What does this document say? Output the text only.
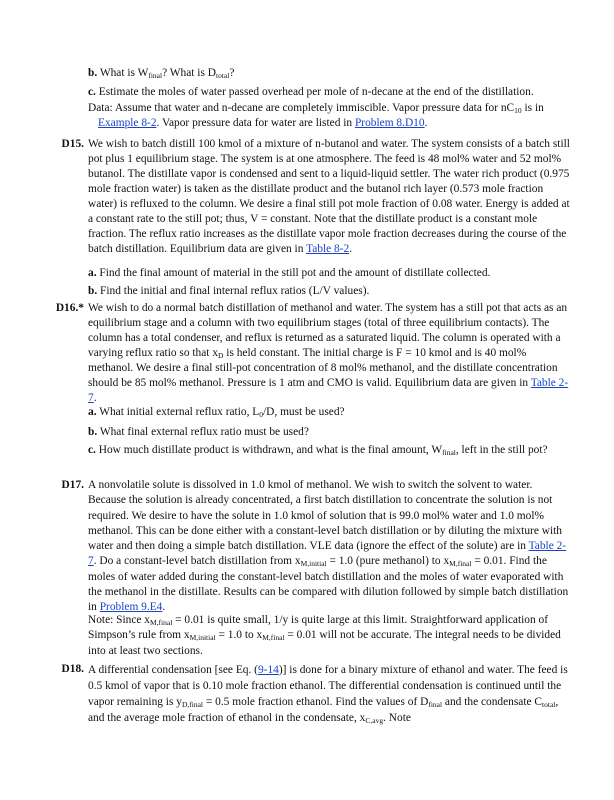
b. What is $W_{final}$? What is $D_{total}$?
c. Estimate the moles of water passed overhead per mole of n-decane at the end of the distillation.
Data: Assume that water and n-decane are completely immiscible. Vapor pressure data for $nC_{10}$ is in Example 8-2. Vapor pressure data for water are listed in Problem 8.D10.
D15. We wish to batch distill 100 kmol of a mixture of n-butanol and water. The system consists of a batch still pot plus 1 equilibrium stage. The system is at one atmosphere. The feed is 48 mol% water and 52 mol% butanol. The distillate vapor is condensed and sent to a liquid-liquid settler. The water rich product (0.975 mole fraction water) is taken as the distillate product and the butanol rich layer (0.573 mole fraction water) is refluxed to the column. We desire a final still pot mole fraction of 0.08 water. Energy is added at a constant rate to the still pot; thus, V = constant. Note that the distillate product is a constant mole fraction. The reflux ratio increases as the distillate vapor mole fraction decreases during the course of the batch distillation. Equilibrium data are given in Table 8-2.
a. Find the final amount of material in the still pot and the amount of distillate collected.
b. Find the initial and final internal reflux ratios (L/V values).
D16.* We wish to do a normal batch distillation of methanol and water. The system has a still pot that acts as an equilibrium stage and a column with two equilibrium stages (total of three equilibrium contacts). The column has a total condenser, and reflux is returned as a saturated liquid. The column is operated with a varying reflux ratio so that $x_D$ is held constant. The initial charge is F = 10 kmol and is 40 mol% methanol. We desire a final still-pot concentration of 8 mol% methanol, and the distillate concentration should be 85 mol% methanol. Pressure is 1 atm and CMO is valid. Equilibrium data are given in Table 2-7.
a. What initial external reflux ratio, $L_0/D$, must be used?
b. What final external reflux ratio must be used?
c. How much distillate product is withdrawn, and what is the final amount, $W_{final}$, left in the still pot?
D17. A nonvolatile solute is dissolved in 1.0 kmol of methanol. We wish to switch the solvent to water. Because the solution is already concentrated, a first batch distillation to concentrate the solution is not required. We desire to have the solute in 1.0 kmol of solution that is 99.0 mol% water and 1.0 mol% methanol. This can be done either with a constant-level batch distillation or by diluting the mixture with water and then doing a simple batch distillation. VLE data (ignore the effect of the solute) are in Table 2-7. Do a constant-level batch distillation from $x_{M,initial} = 1.0$ (pure methanol) to $x_{M,final} = 0.01$. Find the moles of water added during the constant-level batch distillation and the moles of water evaporated with the methanol in the distillate. Results can be compared with dilution followed by simple batch distillation in Problem 9.E4.
Note: Since $x_{M,final} = 0.01$ is quite small, 1/y is quite large at this limit. Straightforward application of Simpson’s rule from $x_{M,initial} = 1.0$ to $x_{M,final} = 0.01$ will not be accurate. The integral needs to be divided into at least two sections.
D18. A differential condensation [see Eq. (9-14)] is done for a binary mixture of ethanol and water. The feed is 0.5 kmol of vapor that is 0.10 mole fraction ethanol. The differential condensation is continued until the vapor remaining is $y_{D,final} = 0.5$ mole fraction ethanol. Find the values of $D_{final}$ and the condensate $C_{total}$, and the average mole fraction of ethanol in the condensate, $x_{C,avg}$. Note
